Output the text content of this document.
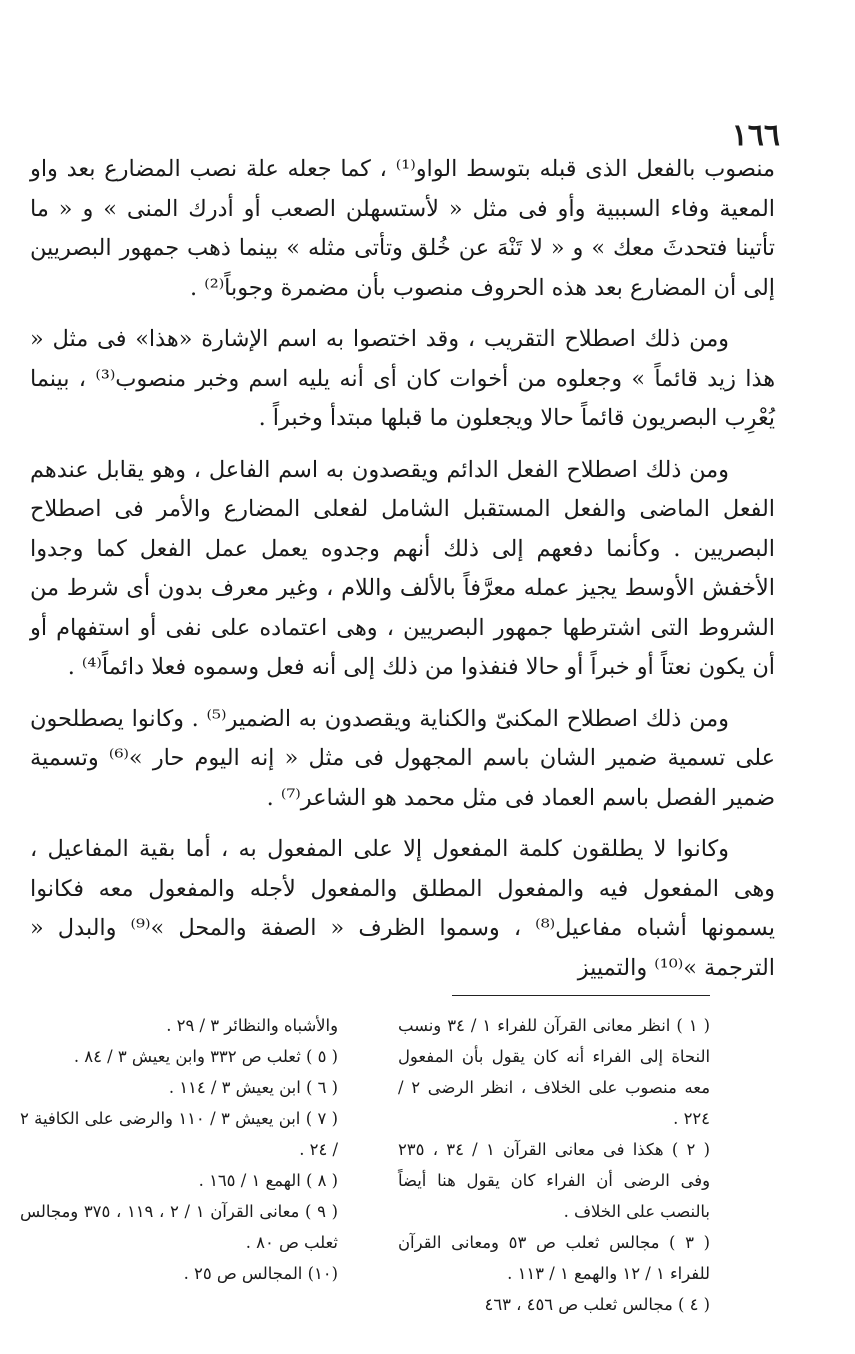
١٦٦

منصوب بالفعل الذى قبله بتوسط الواو⁽¹⁾ ، كما جعله علة نصب المضارع بعد واو المعية وفاء السببية وأو فى مثل « لأستسهلن الصعب أو أدرك المنى » و « ما تأتينا فتحدثَ معك » و « لا تَنْهَ عن خُلق وتأتى مثله » بينما ذهب جمهور البصريين إلى أن المضارع بعد هذه الحروف منصوب بأن مضمرة وجوباً⁽²⁾ .

ومن ذلك اصطلاح التقريب ، وقد اختصوا به اسم الإشارة «هذا» فى مثل « هذا زيد قائماً » وجعلوه من أخوات كان أى أنه يليه اسم وخبر منصوب⁽³⁾ ، بينما يُعْرِب البصريون قائماً حالا ويجعلون ما قبلها مبتدأ وخبراً .

ومن ذلك اصطلاح الفعل الدائم ويقصدون به اسم الفاعل ، وهو يقابل عندهم الفعل الماضى والفعل المستقبل الشامل لفعلى المضارع والأمر فى اصطلاح البصريين . وكأنما دفعهم إلى ذلك أنهم وجدوه يعمل عمل الفعل كما وجدوا الأخفش الأوسط يجيز عمله معرَّفاً بالألف واللام ، وغير معرف بدون أى شرط من الشروط التى اشترطها جمهور البصريين ، وهى اعتماده على نفى أو استفهام أو أن يكون نعتاً أو خبراً أو حالا فنفذوا من ذلك إلى أنه فعل وسموه فعلا دائماً⁽⁴⁾ .

ومن ذلك اصطلاح المكنىّ والكناية ويقصدون به الضمير⁽⁵⁾ . وكانوا يصطلحون على تسمية ضمير الشان باسم المجهول فى مثل « إنه اليوم حار »⁽⁶⁾ وتسمية ضمير الفصل باسم العماد فى مثل محمد هو الشاعر⁽⁷⁾ .

وكانوا لا يطلقون كلمة المفعول إلا على المفعول به ، أما بقية المفاعيل ، وهى المفعول فيه والمفعول المطلق والمفعول لأجله والمفعول معه فكانوا يسمونها أشباه مفاعيل⁽⁸⁾ ، وسموا الظرف « الصفة والمحل »⁽⁹⁾ والبدل « الترجمة »⁽¹⁰⁾ والتمييز

( ١ ) انظر معانى القرآن للفراء ١ / ٣٤ ونسب النحاة إلى الفراء أنه كان يقول بأن المفعول معه منصوب على الخلاف ، انظر الرضى ٢ / ٢٢٤ .

( ٢ ) هكذا فى معانى القرآن ١ / ٣٤ ، ٢٣٥ وفى الرضى أن الفراء كان يقول هنا أيضاً بالنصب على الخلاف .

( ٣ ) مجالس ثعلب ص ٥٣ ومعانى القرآن للفراء ١ / ١٢ والهمع ١ / ١١٣ .

( ٤ ) مجالس ثعلب ص ٤٥٦ ، ٤٦٣

والأشباه والنظائر ٣ / ٢٩ .

( ٥ ) ثعلب ص ٣٣٢ وابن يعيش ٣ / ٨٤ .

( ٦ ) ابن يعيش ٣ / ١١٤ .

( ٧ ) ابن يعيش ٣ / ١١٠ والرضى على الكافية ٢ / ٢٤ .

( ٨ ) الهمع ١ / ١٦٥ .

( ٩ ) معانى القرآن ١ / ٢ ، ١١٩ ، ٣٧٥ ومجالس ثعلب ص ٨٠ .

(١٠) المجالس ص ٢٥ .
